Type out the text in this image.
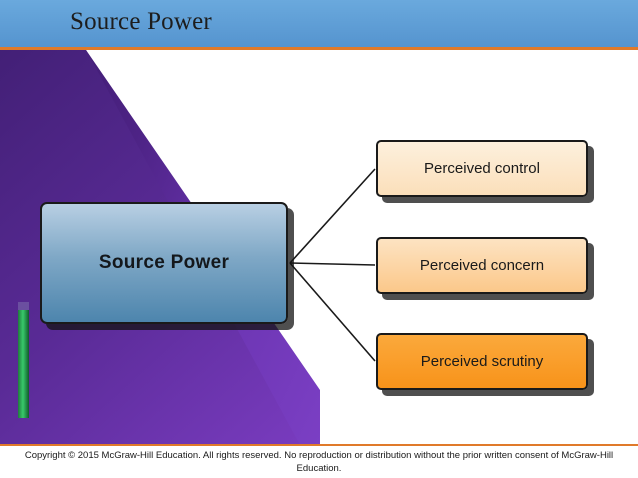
Source Power
Source Power
Perceived control
Perceived concern
Perceived scrutiny
Copyright © 2015 McGraw-Hill Education. All rights reserved. No reproduction or distribution without the prior written consent of McGraw-Hill Education.
